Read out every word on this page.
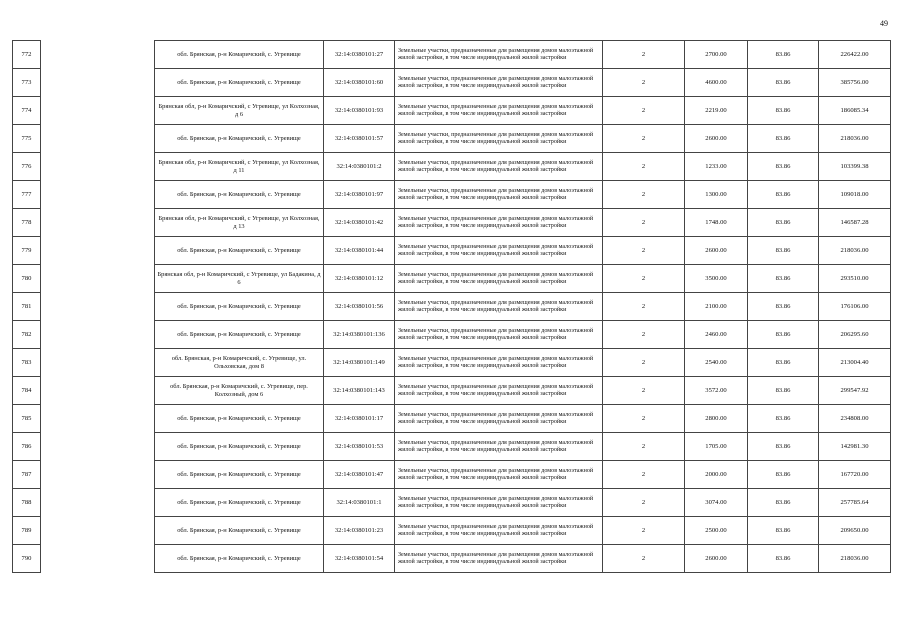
49
772		обл. Брянская, р-н Комаричский, с. Угревище	32:14:0380101:27	Земельные участки, предназначенные для размещения домов малоэтажной жилой застройки, в том числе индивидуальной жилой застройки	2	2700.00	83.86	226422.00
773		обл. Брянская, р-н Комаричский, с. Угревище	32:14:0380101:60	Земельные участки, предназначенные для размещения домов малоэтажной жилой застройки, в том числе индивидуальной жилой застройки	2	4600.00	83.86	385756.00
774		Брянская обл, р-н Комаричский, с Угревище, ул Колхозная, д 6	32:14:0380101:93	Земельные участки, предназначенные для размещения домов малоэтажной жилой застройки, в том числе индивидуальной жилой застройки	2	2219.00	83.86	186085.34
775		обл. Брянская, р-н Комаричский, с. Угревище	32:14:0380101:57	Земельные участки, предназначенные для размещения домов малоэтажной жилой застройки, в том числе индивидуальной жилой застройки	2	2600.00	83.86	218036.00
776		Брянская обл, р-н Комаричский, с Угревище, ул Колхозная, д 11	32:14:0380101:2	Земельные участки, предназначенные для размещения домов малоэтажной жилой застройки, в том числе индивидуальной жилой застройки	2	1233.00	83.86	103399.38
777		обл. Брянская, р-н Комаричский, с. Угревище	32:14:0380101:97	Земельные участки, предназначенные для размещения домов малоэтажной жилой застройки, в том числе индивидуальной жилой застройки	2	1300.00	83.86	109018.00
778		Брянская обл, р-н Комаричский, с Угревище, ул Колхозная, д 13	32:14:0380101:42	Земельные участки, предназначенные для размещения домов малоэтажной жилой застройки, в том числе индивидуальной жилой застройки	2	1748.00	83.86	146587.28
779		обл. Брянская, р-н Комаричский, с. Угревище	32:14:0380101:44	Земельные участки, предназначенные для размещения домов малоэтажной жилой застройки, в том числе индивидуальной жилой застройки	2	2600.00	83.86	218036.00
780		Брянская обл, р-н Комаричский, с Угревище, ул Бадакина, д 6	32:14:0380101:12	Земельные участки, предназначенные для размещения домов малоэтажной жилой застройки, в том числе индивидуальной жилой застройки	2	3500.00	83.86	293510.00
781		обл. Брянская, р-н Комаричский, с. Угревище	32:14:0380101:56	Земельные участки, предназначенные для размещения домов малоэтажной жилой застройки, в том числе индивидуальной жилой застройки	2	2100.00	83.86	176106.00
782		обл. Брянская, р-н Комаричский, с. Угревище	32:14:0380101:136	Земельные участки, предназначенные для размещения домов малоэтажной жилой застройки, в том числе индивидуальной жилой застройки	2	2460.00	83.86	206295.60
783		обл. Брянская, р-н Комаричский, с. Угревище, ул. Ольховская, дом 8	32:14:0380101:149	Земельные участки, предназначенные для размещения домов малоэтажной жилой застройки, в том числе индивидуальной жилой застройки	2	2540.00	83.86	213004.40
784		обл. Брянская, р-н Комаричский, с. Угревище, пер. Колхозный, дом 6	32:14:0380101:143	Земельные участки, предназначенные для размещения домов малоэтажной жилой застройки, в том числе индивидуальной жилой застройки	2	3572.00	83.86	299547.92
785		обл. Брянская, р-н Комаричский, с. Угревище	32:14:0380101:17	Земельные участки, предназначенные для размещения домов малоэтажной жилой застройки, в том числе индивидуальной жилой застройки	2	2800.00	83.86	234808.00
786		обл. Брянская, р-н Комаричский, с. Угревище	32:14:0380101:53	Земельные участки, предназначенные для размещения домов малоэтажной жилой застройки, в том числе индивидуальной жилой застройки	2	1705.00	83.86	142981.30
787		обл. Брянская, р-н Комаричский, с. Угревище	32:14:0380101:47	Земельные участки, предназначенные для размещения домов малоэтажной жилой застройки, в том числе индивидуальной жилой застройки	2	2000.00	83.86	167720.00
788		обл. Брянская, р-н Комаричский, с. Угревище	32:14:0380101:1	Земельные участки, предназначенные для размещения домов малоэтажной жилой застройки, в том числе индивидуальной жилой застройки	2	3074.00	83.86	257785.64
789		обл. Брянская, р-н Комаричский, с. Угревище	32:14:0380101:23	Земельные участки, предназначенные для размещения домов малоэтажной жилой застройки, в том числе индивидуальной жилой застройки	2	2500.00	83.86	209650.00
790		обл. Брянская, р-н Комаричский, с. Угревище	32:14:0380101:54	Земельные участки, предназначенные для размещения домов малоэтажной жилой застройки, в том числе индивидуальной жилой застройки	2	2600.00	83.86	218036.00
